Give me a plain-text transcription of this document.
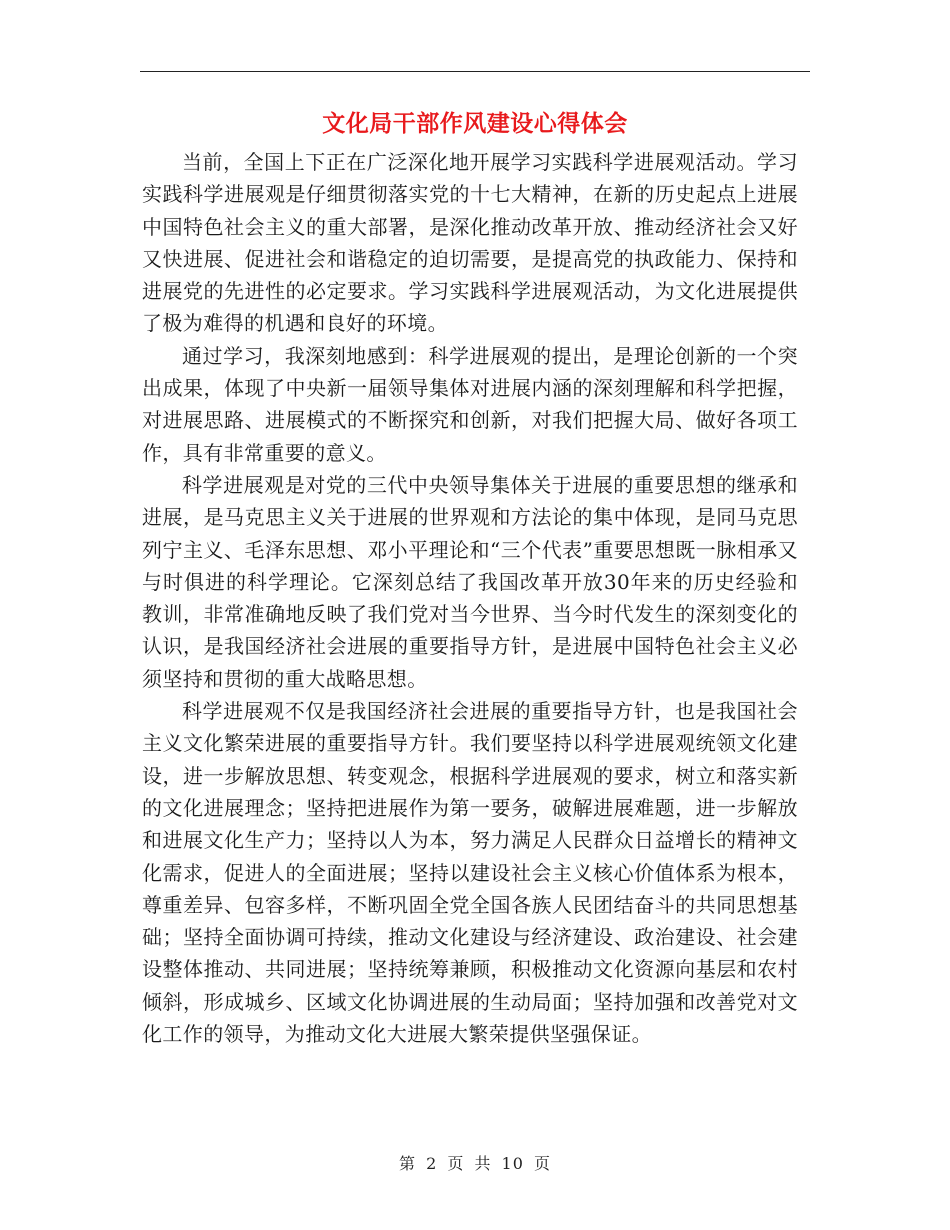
文化局干部作风建设心得体会

当前，全国上下正在广泛深化地开展学习实践科学进展观活动。学习实践科学进展观是仔细贯彻落实党的十七大精神，在新的历史起点上进展中国特色社会主义的重大部署，是深化推动改革开放、推动经济社会又好又快进展、促进社会和谐稳定的迫切需要，是提高党的执政能力、保持和进展党的先进性的必定要求。学习实践科学进展观活动，为文化进展提供了极为难得的机遇和良好的环境。

通过学习，我深刻地感到：科学进展观的提出，是理论创新的一个突出成果，体现了中央新一届领导集体对进展内涵的深刻理解和科学把握，对进展思路、进展模式的不断探究和创新，对我们把握大局、做好各项工作，具有非常重要的意义。

科学进展观是对党的三代中央领导集体关于进展的重要思想的继承和进展，是马克思主义关于进展的世界观和方法论的集中体现，是同马克思列宁主义、毛泽东思想、邓小平理论和“三个代表”重要思想既一脉相承又与时俱进的科学理论。它深刻总结了我国改革开放30年来的历史经验和教训，非常准确地反映了我们党对当今世界、当今时代发生的深刻变化的认识，是我国经济社会进展的重要指导方针，是进展中国特色社会主义必须坚持和贯彻的重大战略思想。

科学进展观不仅是我国经济社会进展的重要指导方针，也是我国社会主义文化繁荣进展的重要指导方针。我们要坚持以科学进展观统领文化建设，进一步解放思想、转变观念，根据科学进展观的要求，树立和落实新的文化进展理念；坚持把进展作为第一要务，破解进展难题，进一步解放和进展文化生产力；坚持以人为本，努力满足人民群众日益增长的精神文化需求，促进人的全面进展；坚持以建设社会主义核心价值体系为根本，尊重差异、包容多样，不断巩固全党全国各族人民团结奋斗的共同思想基础；坚持全面协调可持续，推动文化建设与经济建设、政治建设、社会建设整体推动、共同进展；坚持统筹兼顾，积极推动文化资源向基层和农村倾斜，形成城乡、区域文化协调进展的生动局面；坚持加强和改善党对文化工作的领导，为推动文化大进展大繁荣提供坚强保证。

第 2 页 共 10 页
